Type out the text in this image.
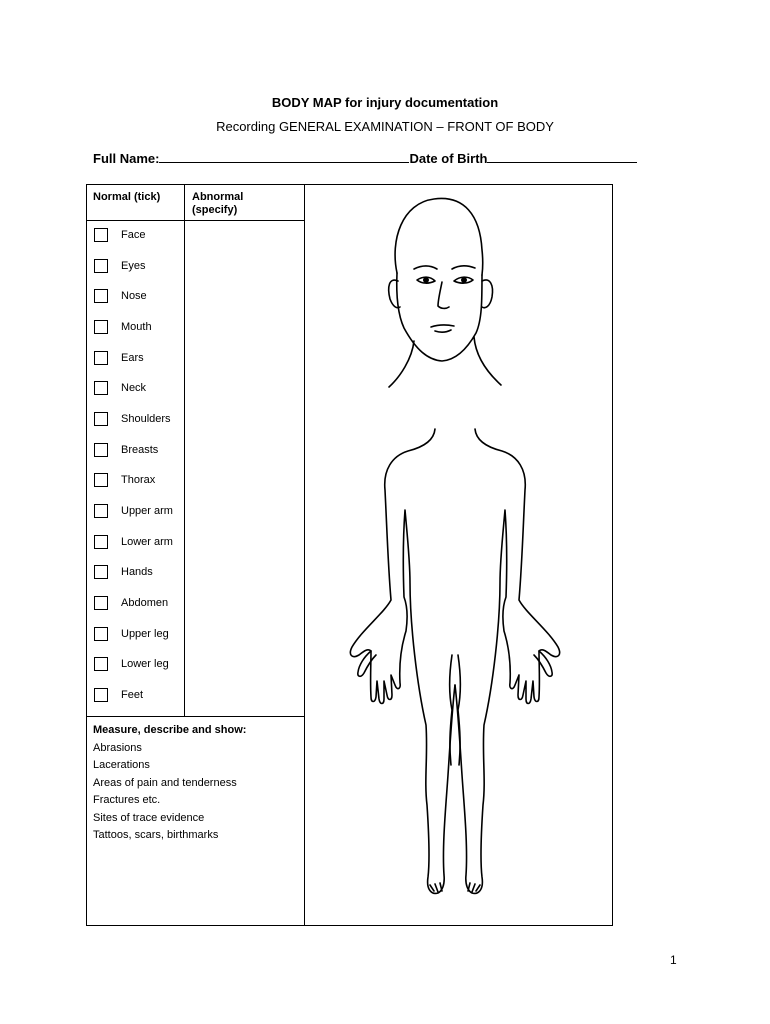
BODY MAP for injury documentation
Recording GENERAL EXAMINATION – FRONT OF BODY
Full Name:	Date of Birth
Normal (tick)	Abnormal
(specify)
Face
Eyes
Nose
Mouth
Ears
Neck
Shoulders
Breasts
Thorax
Upper arm
Lower arm
Hands
Abdomen
Upper leg
Lower leg
Feet
Measure, describe and show:
Abrasions
Lacerations
Areas of pain and tenderness
Fractures etc.
Sites of trace evidence
Tattoos, scars, birthmarks
1
